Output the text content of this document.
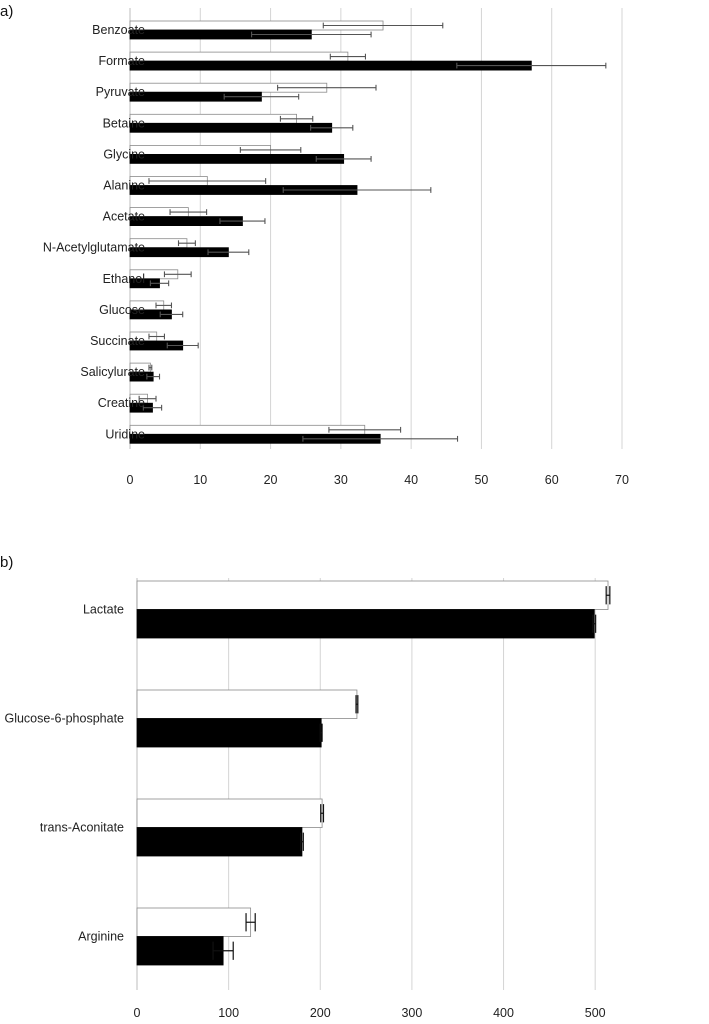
a)
Benzoate
Formate
Pyruvate
Betaine
Glycine
Alanine
Acetate
N-Acetylglutamate
Ethanol
Glucose
Succinate
Salicylurate
Creatine
Uridine
0	10	20	30	40	50	60	70
b)
Lactate
Glucose-6-phosphate
trans-Aconitate
Arginine
0	100	200	300	400	500
